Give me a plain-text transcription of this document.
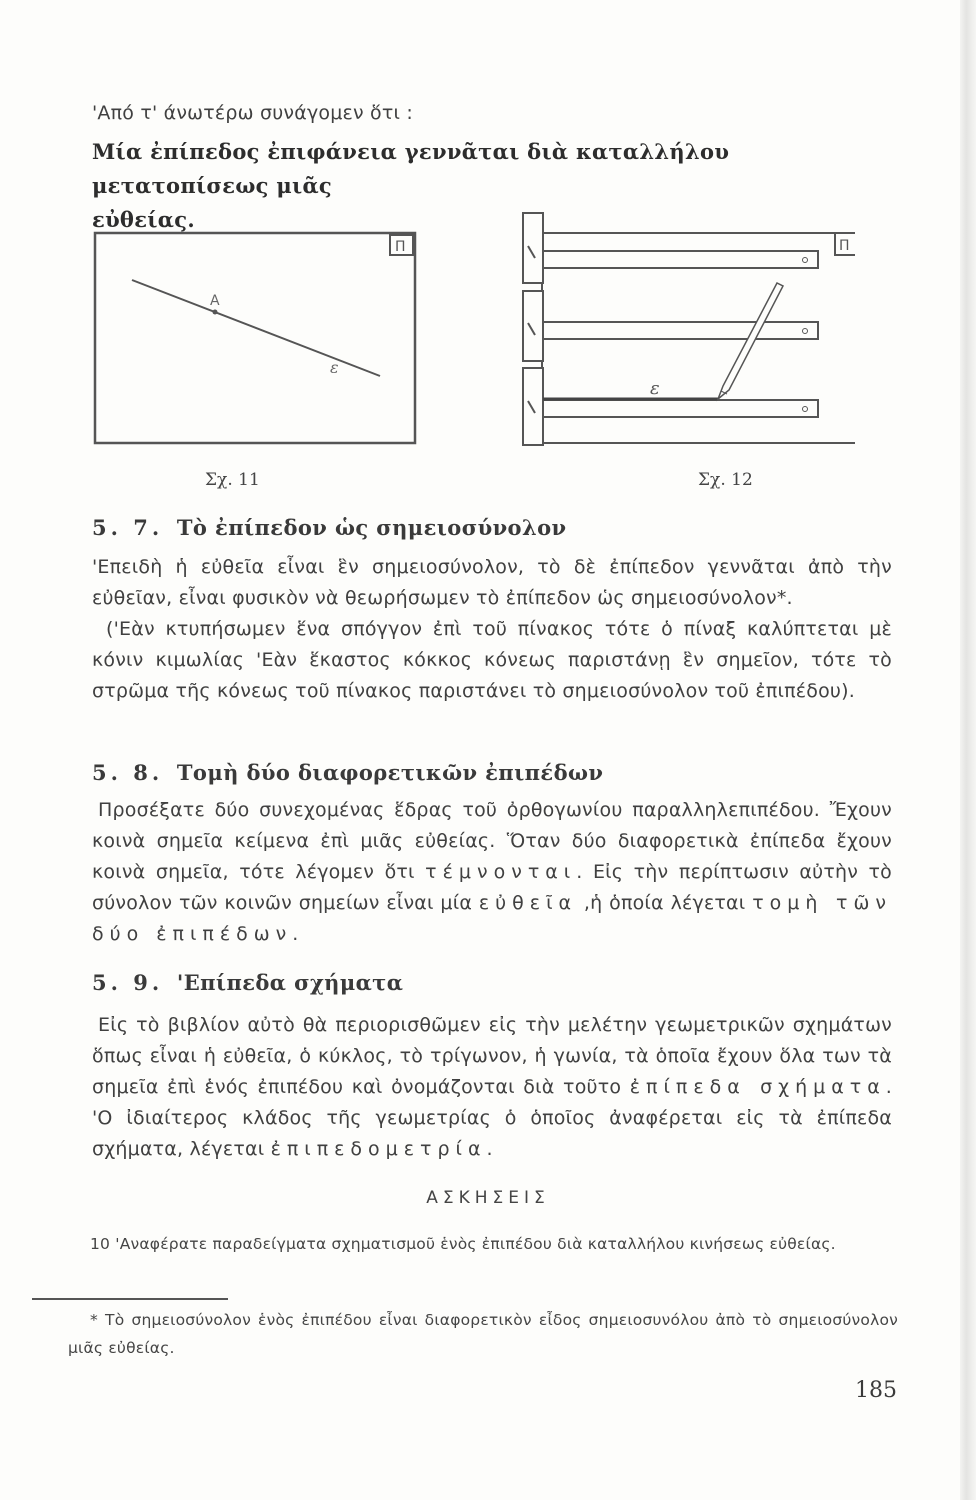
'Από τ' άνωτέρω συνάγομεν ὅτι :

Μία ἐπίπεδος ἐπιφάνεια γεννᾶται διὰ καταλλήλου μετατοπίσεως μιᾶς
εὐθείας.

Π
Α
ε
Σχ. 11
Π
ε
Σχ. 12
5. 7. Τὸ ἐπίπεδον ὡς σημειοσύνολον

'Επειδὴ ἡ εὐθεῖα εἶναι ἓν σημειοσύνολον, τὸ δὲ ἐπίπεδον γεννᾶται ἀπὸ τὴν εὐθεῖαν, εἶναι φυσικὸν νὰ θεωρήσωμεν τὸ ἐπίπεδον ὡς σημειοσύνολον*.

('Εὰν κτυπήσωμεν ἕνα σπόγγον ἐπὶ τοῦ πίνακος τότε ὁ πίναξ καλύπτεται μὲ κόνιν κιμωλίας 'Εὰν ἕκαστος κόκκος κόνεως παριστάνῃ ἓν σημεῖον, τότε τὸ στρῶμα τῆς κόνεως τοῦ πίνακος παριστάνει τὸ σημειοσύνολον τοῦ ἐπιπέδου).

5. 8. Τομὴ δύο διαφορετικῶν ἐπιπέδων

Προσέξατε δύο συνεχομένας ἕδρας τοῦ ὀρθογωνίου παραλληλεπιπέδου. Ἔχουν κοινὰ σημεῖα κείμενα ἐπὶ μιᾶς εὐθείας. Ὅταν δύο διαφορετικὰ ἐπίπεδα ἔχουν κοινὰ σημεῖα, τότε λέγομεν ὅτι τέμνονται. Εἰς τὴν περίπτωσιν αὐτὴν τὸ σύνολον τῶν κοινῶν σημείων εἶναι μία εὐθεῖα ,ἡ ὁποία λέγεται τομὴ τῶν δύο ἐπιπέδων.

5. 9. 'Επίπεδα σχήματα

Εἰς τὸ βιβλίον αὐτὸ θὰ περιορισθῶμεν εἰς τὴν μελέτην γεωμετρικῶν σχημάτων ὅπως εἶναι ἡ εὐθεῖα, ὁ κύκλος, τὸ τρίγωνον, ἡ γωνία, τὰ ὁποῖα ἔχουν ὅλα των τὰ σημεῖα ἐπὶ ἑνός ἐπιπέδου καὶ ὀνομάζονται διὰ τοῦτο ἐπίπεδα σχήματα. 'Ο ἰδιαίτερος κλάδος τῆς γεωμετρίας ὁ ὁποῖος ἀναφέρεται εἰς τὰ ἐπίπεδα σχήματα, λέγεται ἐπιπεδομετρία.

ΑΣΚΗΣΕΙΣ

10 'Αναφέρατε παραδείγματα σχηματισμοῦ ἑνὸς ἐπιπέδου διὰ καταλλήλου κινήσεως εὐθείας.

* Τὸ σημειοσύνολον ἑνὸς ἐπιπέδου εἶναι διαφορετικὸν εἶδος σημειοσυνόλου ἀπὸ τὸ σημειοσύνολον μιᾶς εὐθείας.

185
